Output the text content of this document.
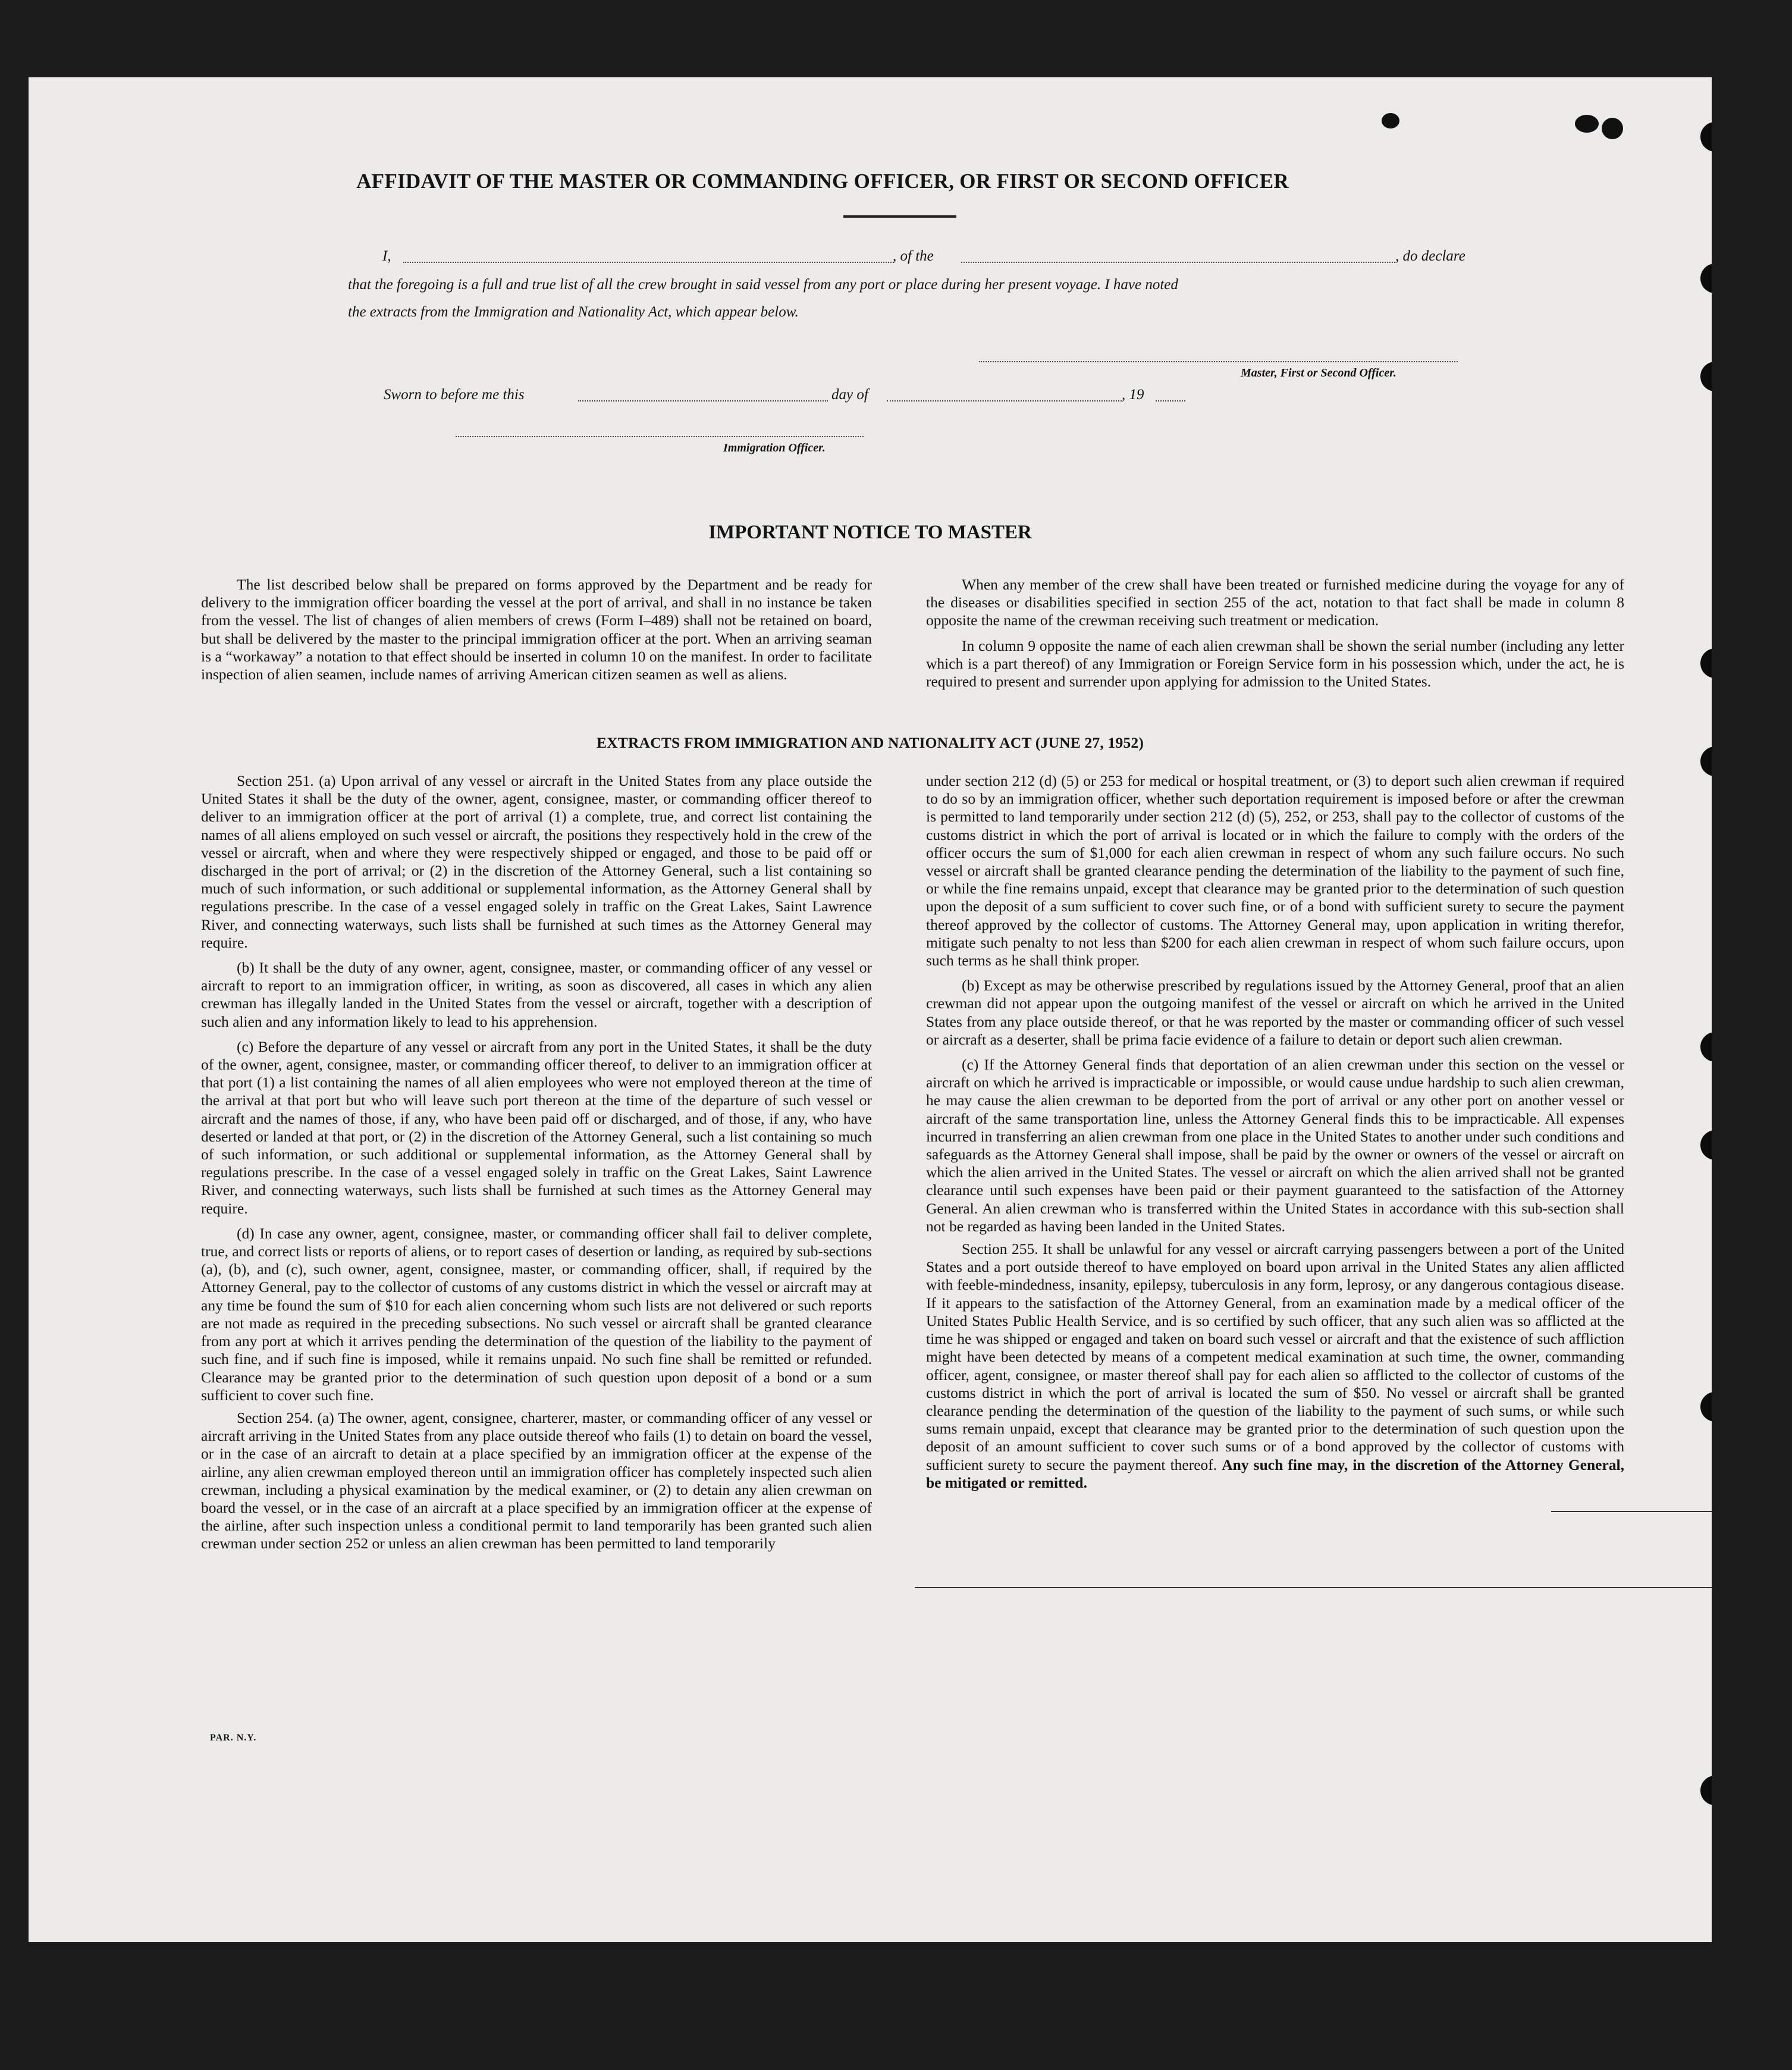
AFFIDAVIT OF THE MASTER OR COMMANDING OFFICER, OR FIRST OR SECOND OFFICER
I,	, of the	, do declare
that the foregoing is a full and true list of all the crew brought in said vessel from any port or place during her present voyage. I have noted
the extracts from the Immigration and Nationality Act, which appear below.
Master, First or Second Officer.
Sworn to before me this	day of	, 19
Immigration Officer.
IMPORTANT NOTICE TO MASTER

The list described below shall be prepared on forms approved by the Department and be ready for delivery to the immigration officer boarding the vessel at the port of arrival, and shall in no instance be taken from the vessel. The list of changes of alien members of crews (Form I–489) shall not be retained on board, but shall be delivered by the master to the principal immigration officer at the port. When an arriving seaman is a “workaway” a notation to that effect should be inserted in column 10 on the manifest. In order to facilitate inspection of alien seamen, include names of arriving American citizen seamen as well as aliens.

When any member of the crew shall have been treated or furnished medicine during the voyage for any of the diseases or disabilities specified in section 255 of the act, notation to that fact shall be made in column 8 opposite the name of the crewman receiving such treatment or medication.

In column 9 opposite the name of each alien crewman shall be shown the serial number (including any letter which is a part thereof) of any Immigration or Foreign Service form in his possession which, under the act, he is required to present and surrender upon applying for admission to the United States.

EXTRACTS FROM IMMIGRATION AND NATIONALITY ACT (JUNE 27, 1952)

Section 251. (a) Upon arrival of any vessel or aircraft in the United States from any place outside the United States it shall be the duty of the owner, agent, consignee, master, or commanding officer thereof to deliver to an immigration officer at the port of arrival (1) a complete, true, and correct list containing the names of all aliens employed on such vessel or aircraft, the positions they respectively hold in the crew of the vessel or aircraft, when and where they were respectively shipped or engaged, and those to be paid off or discharged in the port of arrival; or (2) in the discretion of the Attorney General, such a list containing so much of such information, or such additional or supplemental information, as the Attorney General shall by regulations prescribe. In the case of a vessel engaged solely in traffic on the Great Lakes, Saint Lawrence River, and connecting waterways, such lists shall be furnished at such times as the Attorney General may require.

(b) It shall be the duty of any owner, agent, consignee, master, or commanding officer of any vessel or aircraft to report to an immigration officer, in writing, as soon as discovered, all cases in which any alien crewman has illegally landed in the United States from the vessel or aircraft, together with a description of such alien and any information likely to lead to his apprehension.

(c) Before the departure of any vessel or aircraft from any port in the United States, it shall be the duty of the owner, agent, consignee, master, or commanding officer thereof, to deliver to an immigration officer at that port (1) a list containing the names of all alien employees who were not employed thereon at the time of the arrival at that port but who will leave such port thereon at the time of the departure of such vessel or aircraft and the names of those, if any, who have been paid off or discharged, and of those, if any, who have deserted or landed at that port, or (2) in the discretion of the Attorney General, such a list containing so much of such information, or such additional or supplemental information, as the Attorney General shall by regulations prescribe. In the case of a vessel engaged solely in traffic on the Great Lakes, Saint Lawrence River, and connecting waterways, such lists shall be furnished at such times as the Attorney General may require.

(d) In case any owner, agent, consignee, master, or commanding officer shall fail to deliver complete, true, and correct lists or reports of aliens, or to report cases of desertion or landing, as required by sub-sections (a), (b), and (c), such owner, agent, consignee, master, or commanding officer, shall, if required by the Attorney General, pay to the collector of customs of any customs district in which the vessel or aircraft may at any time be found the sum of $10 for each alien concerning whom such lists are not delivered or such reports are not made as required in the preceding subsections. No such vessel or aircraft shall be granted clearance from any port at which it arrives pending the determination of the question of the liability to the payment of such fine, and if such fine is imposed, while it remains unpaid. No such fine shall be remitted or refunded. Clearance may be granted prior to the determination of such question upon deposit of a bond or a sum sufficient to cover such fine.

Section 254. (a) The owner, agent, consignee, charterer, master, or commanding officer of any vessel or aircraft arriving in the United States from any place outside thereof who fails (1) to detain on board the vessel, or in the case of an aircraft to detain at a place specified by an immigration officer at the expense of the airline, any alien crewman employed thereon until an immigration officer has completely inspected such alien crewman, including a physical examination by the medical examiner, or (2) to detain any alien crewman on board the vessel, or in the case of an aircraft at a place specified by an immigration officer at the expense of the airline, after such inspection unless a conditional permit to land temporarily has been granted such alien crewman under section 252 or unless an alien crewman has been permitted to land temporarily

under section 212 (d) (5) or 253 for medical or hospital treatment, or (3) to deport such alien crewman if required to do so by an immigration officer, whether such deportation requirement is imposed before or after the crewman is permitted to land temporarily under section 212 (d) (5), 252, or 253, shall pay to the collector of customs of the customs district in which the port of arrival is located or in which the failure to comply with the orders of the officer occurs the sum of $1,000 for each alien crewman in respect of whom any such failure occurs. No such vessel or aircraft shall be granted clearance pending the determination of the liability to the payment of such fine, or while the fine remains unpaid, except that clearance may be granted prior to the determination of such question upon the deposit of a sum sufficient to cover such fine, or of a bond with sufficient surety to secure the payment thereof approved by the collector of customs. The Attorney General may, upon application in writing therefor, mitigate such penalty to not less than $200 for each alien crewman in respect of whom such failure occurs, upon such terms as he shall think proper.

(b) Except as may be otherwise prescribed by regulations issued by the Attorney General, proof that an alien crewman did not appear upon the outgoing manifest of the vessel or aircraft on which he arrived in the United States from any place outside thereof, or that he was reported by the master or commanding officer of such vessel or aircraft as a deserter, shall be prima facie evidence of a failure to detain or deport such alien crewman.

(c) If the Attorney General finds that deportation of an alien crewman under this section on the vessel or aircraft on which he arrived is impracticable or impossible, or would cause undue hardship to such alien crewman, he may cause the alien crewman to be deported from the port of arrival or any other port on another vessel or aircraft of the same transportation line, unless the Attorney General finds this to be impracticable. All expenses incurred in transferring an alien crewman from one place in the United States to another under such conditions and safeguards as the Attorney General shall impose, shall be paid by the owner or owners of the vessel or aircraft on which the alien arrived in the United States. The vessel or aircraft on which the alien arrived shall not be granted clearance until such expenses have been paid or their payment guaranteed to the satisfaction of the Attorney General. An alien crewman who is transferred within the United States in accordance with this sub-section shall not be regarded as having been landed in the United States.

Section 255. It shall be unlawful for any vessel or aircraft carrying passengers between a port of the United States and a port outside thereof to have employed on board upon arrival in the United States any alien afflicted with feeble-mindedness, insanity, epilepsy, tuberculosis in any form, leprosy, or any dangerous contagious disease. If it appears to the satisfaction of the Attorney General, from an examination made by a medical officer of the United States Public Health Service, and is so certified by such officer, that any such alien was so afflicted at the time he was shipped or engaged and taken on board such vessel or aircraft and that the existence of such affliction might have been detected by means of a competent medical examination at such time, the owner, commanding officer, agent, consignee, or master thereof shall pay for each alien so afflicted to the collector of customs of the customs district in which the port of arrival is located the sum of $50. No vessel or aircraft shall be granted clearance pending the determination of the question of the liability to the payment of such sums, or while such sums remain unpaid, except that clearance may be granted prior to the determination of such question upon the deposit of an amount sufficient to cover such sums or of a bond approved by the collector of customs with sufficient surety to secure the payment thereof. Any such fine may, in the discretion of the Attorney General, be mitigated or remitted.

PAR. N.Y.
